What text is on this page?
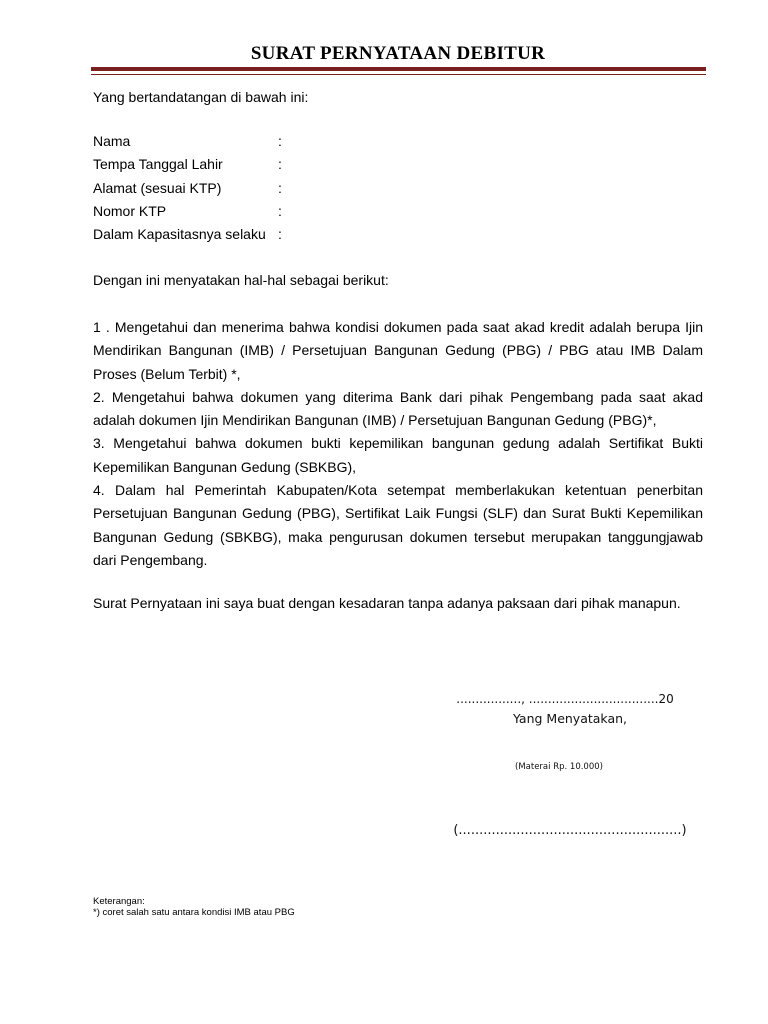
SURAT PERNYATAAN DEBITUR

Yang bertandatangan di bawah ini:

Nama	:
Tempa Tanggal Lahir	:
Alamat (sesuai KTP)	:
Nomor KTP	:
Dalam Kapasitasnya selaku :

Dengan ini menyatakan hal-hal sebagai berikut:

1 . Mengetahui dan menerima bahwa kondisi dokumen pada saat akad kredit adalah berupa Ijin Mendirikan Bangunan (IMB) / Persetujuan Bangunan Gedung (PBG) / PBG atau IMB Dalam Proses (Belum Terbit) *,
2. Mengetahui bahwa dokumen yang diterima Bank dari pihak Pengembang pada saat akad adalah dokumen Ijin Mendirikan Bangunan (IMB) / Persetujuan Bangunan Gedung (PBG)*,
3. Mengetahui bahwa dokumen bukti kepemilikan bangunan gedung adalah Sertifikat Bukti Kepemilikan Bangunan Gedung (SBKBG),
4. Dalam hal Pemerintah Kabupaten/Kota setempat memberlakukan ketentuan penerbitan Persetujuan Bangunan Gedung (PBG), Sertifikat Laik Fungsi (SLF) dan Surat Bukti Kepemilikan Bangunan Gedung (SBKBG), maka pengurusan dokumen tersebut merupakan tanggungjawab dari Pengembang.

Surat Pernyataan ini saya buat dengan kesadaran tanpa adanya paksaan dari pihak manapun.

................., ..................................20
Yang Menyatakan,
(Materai Rp. 10.000)
(......................................................)

Keterangan:

*) coret salah satu antara kondisi IMB atau PBG
